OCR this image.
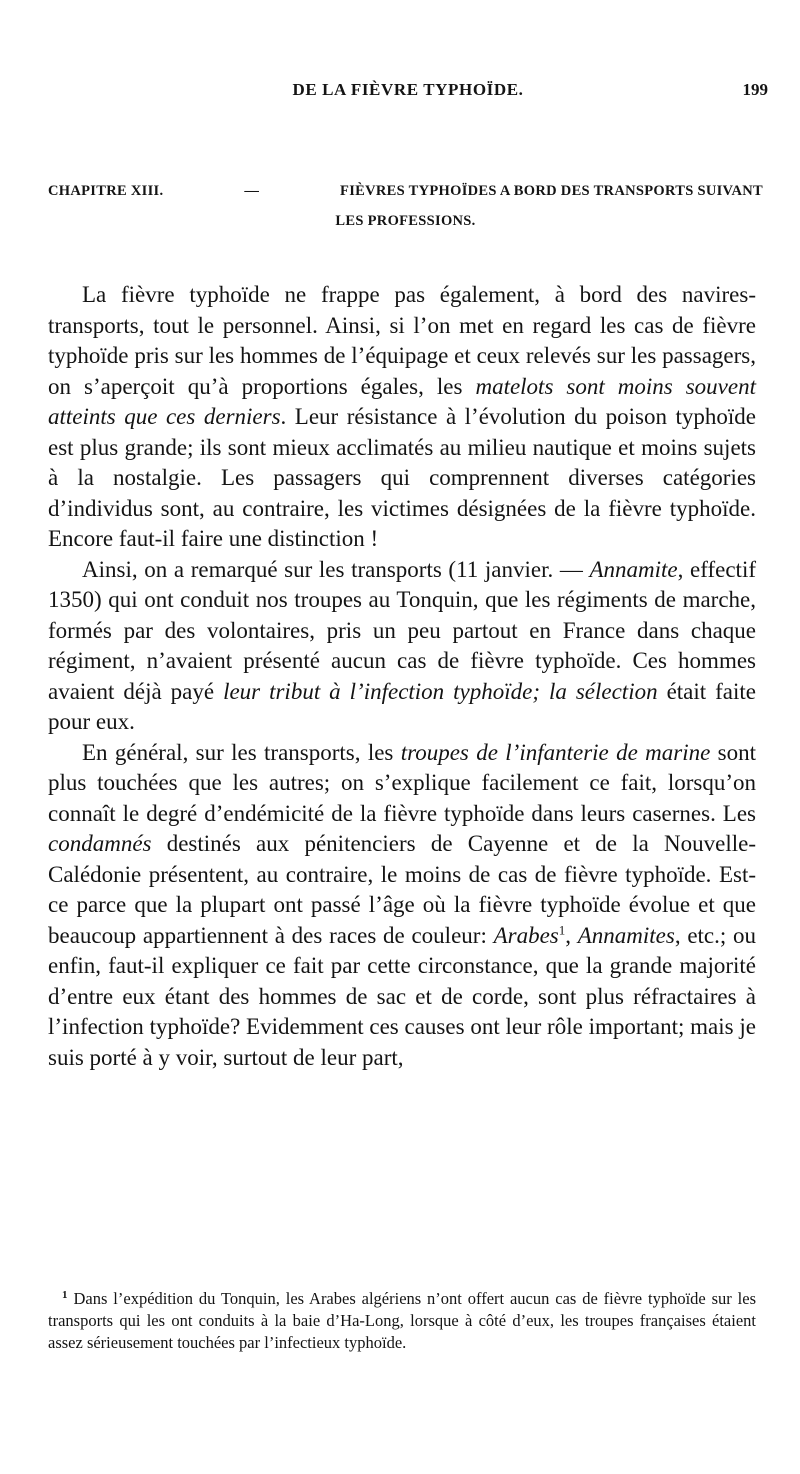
DE LA FIÈVRE TYPHOÏDE.	199
CHAPITRE XIII.	—	FIÈVRES TYPHOÏDES A BORD DES TRANSPORTS SUIVANT
LES PROFESSIONS.

La fièvre typhoïde ne frappe pas également, à bord des navires-transports, tout le personnel. Ainsi, si l’on met en regard les cas de fièvre typhoïde pris sur les hommes de l’équipage et ceux relevés sur les passagers, on s’aperçoit qu’à proportions égales, les matelots sont moins souvent atteints que ces derniers. Leur résistance à l’évolution du poison typhoïde est plus grande; ils sont mieux acclimatés au milieu nautique et moins sujets à la nostalgie. Les passagers qui comprennent diverses catégories d’individus sont, au contraire, les victimes désignées de la fièvre typhoïde. Encore faut-il faire une distinction !

Ainsi, on a remarqué sur les transports (11 janvier. — Annamite, effectif 1350) qui ont conduit nos troupes au Tonquin, que les régiments de marche, formés par des volontaires, pris un peu partout en France dans chaque régiment, n’avaient présenté aucun cas de fièvre typhoïde. Ces hommes avaient déjà payé leur tribut à l’infection typhoïde; la sélection était faite pour eux.

En général, sur les transports, les troupes de l’infanterie de marine sont plus touchées que les autres; on s’explique facilement ce fait, lorsqu’on connaît le degré d’endémicité de la fièvre typhoïde dans leurs casernes. Les condamnés destinés aux pénitenciers de Cayenne et de la Nouvelle-Calédonie présentent, au contraire, le moins de cas de fièvre typhoïde. Est-ce parce que la plupart ont passé l’âge où la fièvre typhoïde évolue et que beaucoup appartiennent à des races de couleur: Arabes$^1$, Annamites, etc.; ou enfin, faut-il expliquer ce fait par cette circonstance, que la grande majorité d’entre eux étant des hommes de sac et de corde, sont plus réfractaires à l’infection typhoïde? Evidemment ces causes ont leur rôle important; mais je suis porté à y voir, surtout de leur part,

$^1$ Dans l’expédition du Tonquin, les Arabes algériens n’ont offert aucun cas de fièvre typhoïde sur les transports qui les ont conduits à la baie d’Ha-Long, lorsque à côté d’eux, les troupes françaises étaient assez sérieusement touchées par l’infectieux typhoïde.
